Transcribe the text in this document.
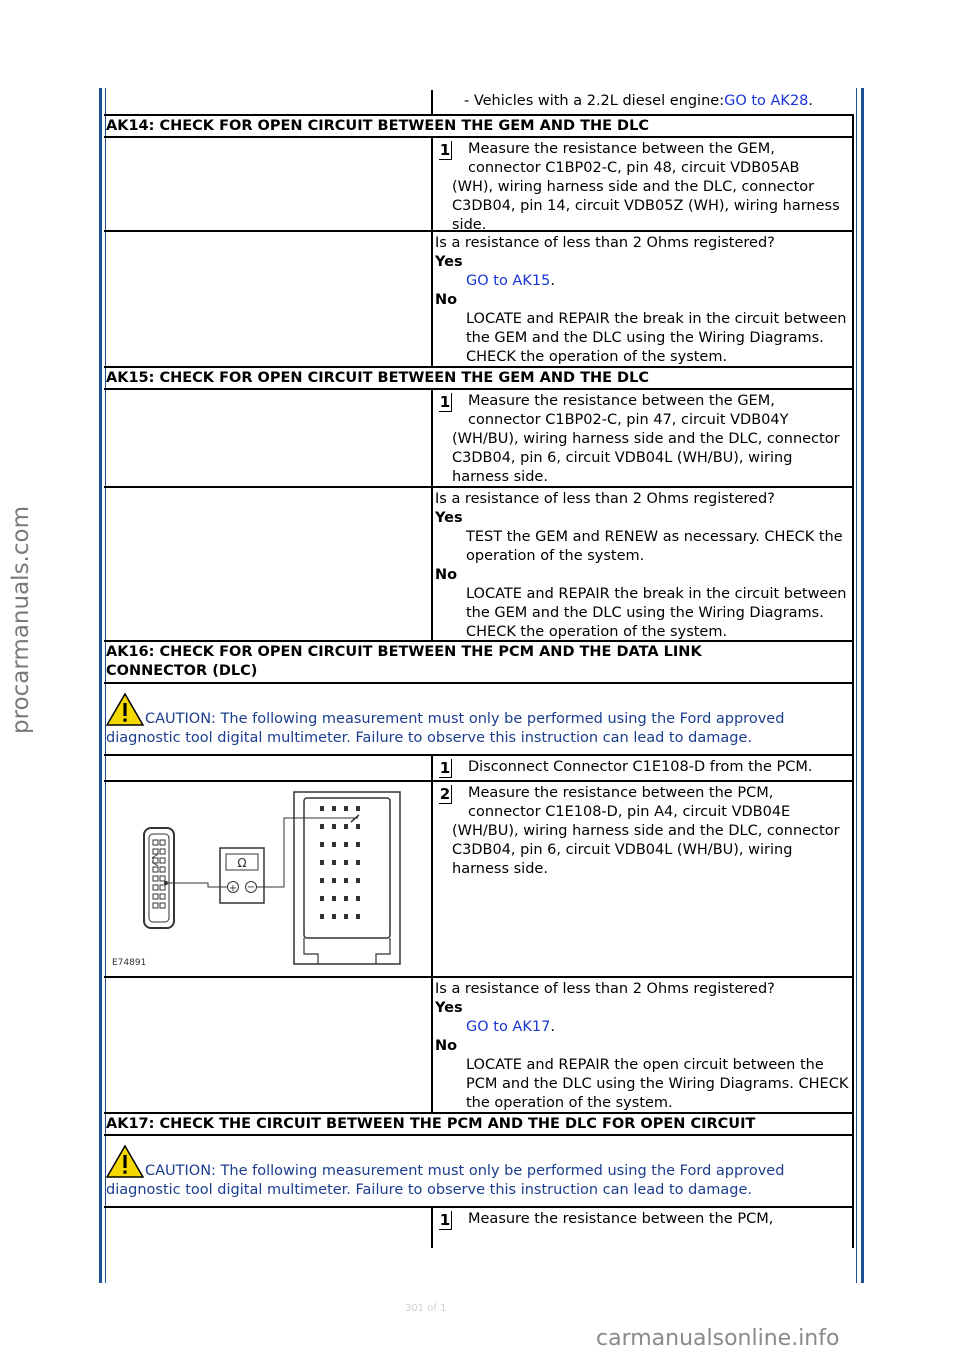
procarmanuals.com
carmanualsonline.info
301 of 1
- Vehicles with a 2.2L diesel engine:GO to AK28.
AK14: CHECK FOR OPEN CIRCUIT BETWEEN THE GEM AND THE DLC
1 Measure the resistance between the GEM,
connector C1BP02-C, pin 48, circuit VDB05AB
(WH), wiring harness side and the DLC, connector C3DB04, pin 14, circuit VDB05Z (WH), wiring harness side.
Is a resistance of less than 2 Ohms registered?
Yes
GO to AK15.
No
LOCATE and REPAIR the break in the circuit between the GEM and the DLC using the Wiring Diagrams. CHECK the operation of the system.
AK15: CHECK FOR OPEN CIRCUIT BETWEEN THE GEM AND THE DLC
1 Measure the resistance between the GEM,
connector C1BP02-C, pin 47, circuit VDB04Y
(WH/BU), wiring harness side and the DLC, connector C3DB04, pin 6, circuit VDB04L (WH/BU), wiring harness side.
Is a resistance of less than 2 Ohms registered?
Yes
TEST the GEM and RENEW as necessary. CHECK the operation of the system.
No
LOCATE and REPAIR the break in the circuit between the GEM and the DLC using the Wiring Diagrams. CHECK the operation of the system.
AK16: CHECK FOR OPEN CIRCUIT BETWEEN THE PCM AND THE DATA LINK
CONNECTOR (DLC)
CAUTION: The following measurement must only be performed using the Ford approved diagnostic tool digital multimeter. Failure to observe this instruction can lead to damage.
1 Disconnect Connector C1E108-D from the PCM.
Ω
+ −
E74891
2 Measure the resistance between the PCM,
connector C1E108-D, pin A4, circuit VDB04E
(WH/BU), wiring harness side and the DLC, connector C3DB04, pin 6, circuit VDB04L (WH/BU), wiring harness side.
Is a resistance of less than 2 Ohms registered?
Yes
GO to AK17.
No
LOCATE and REPAIR the open circuit between the PCM and the DLC using the Wiring Diagrams. CHECK the operation of the system.
AK17: CHECK THE CIRCUIT BETWEEN THE PCM AND THE DLC FOR OPEN CIRCUIT
CAUTION: The following measurement must only be performed using the Ford approved diagnostic tool digital multimeter. Failure to observe this instruction can lead to damage.
1 Measure the resistance between the PCM,
